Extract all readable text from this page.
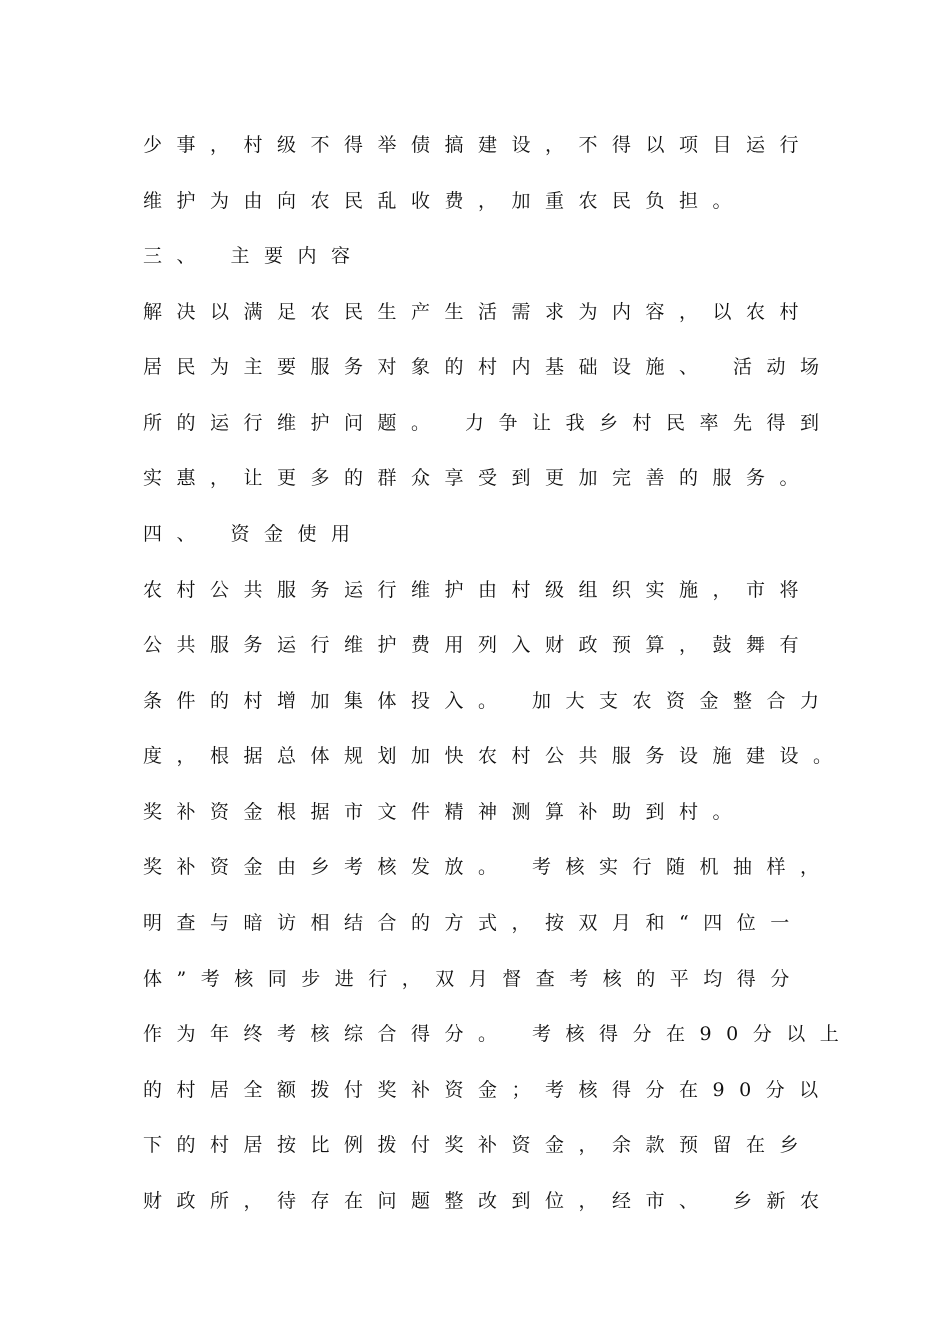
少事，村级不得举债搞建设，不得以项目运行

维护为由向农民乱收费，加重农民负担。

三、 主要内容

解决以满足农民生产生活需求为内容，以农村

居民为主要服务对象的村内基础设施、 活动场

所的运行维护问题。 力争让我乡村民率先得到

实惠，让更多的群众享受到更加完善的服务。

四、 资金使用

农村公共服务运行维护由村级组织实施，市将

公共服务运行维护费用列入财政预算，鼓舞有

条件的村增加集体投入。 加大支农资金整合力

度，根据总体规划加快农村公共服务设施建设。

奖补资金根据市文件精神测算补助到村。

奖补资金由乡考核发放。 考核实行随机抽样，

明查与暗访相结合的方式，按双月和“四位一

体”考核同步进行，双月督查考核的平均得分

作为年终考核综合得分。 考核得分在90分以上

的村居全额拨付奖补资金；考核得分在90分以

下的村居按比例拨付奖补资金，余款预留在乡

财政所，待存在问题整改到位，经市、 乡新农
